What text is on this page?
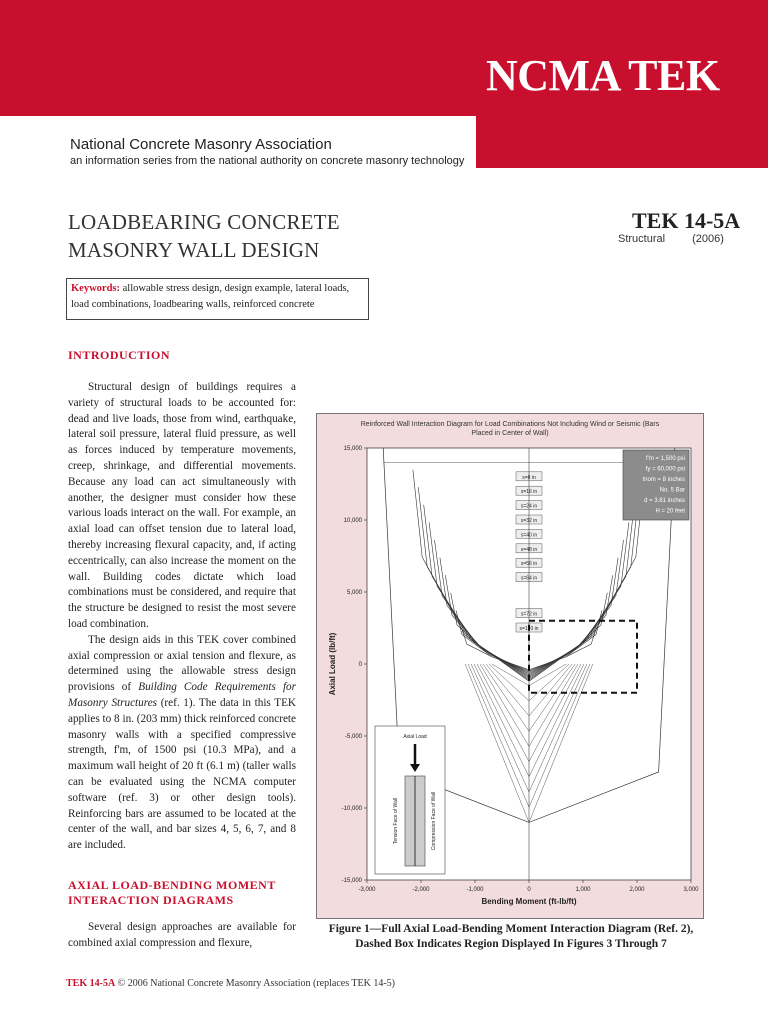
NCMA TEK
National Concrete Masonry Association
an information series from the national authority on concrete masonry technology
LOADBEARING CONCRETE
MASONRY WALL DESIGN
TEK 14-5A
Structural (2006)
Keywords: allowable stress design, design example, lateral loads, load combinations, loadbearing walls, reinforced concrete
INTRODUCTION

Structural design of buildings requires a variety of structural loads to be accounted for: dead and live loads, those from wind, earthquake, lateral soil pressure, lateral fluid pressure, as well as forces induced by temperature movements, creep, shrinkage, and differential movements. Because any load can act simultaneously with another, the designer must consider how these various loads interact on the wall. For example, an axial load can offset tension due to lateral load, thereby increasing flexural capacity, and, if acting eccentrically, can also increase the moment on the wall. Building codes dictate which load combinations must be considered, and require that the structure be designed to resist the most severe load combination.

The design aids in this TEK cover combined axial compression or axial tension and flexure, as determined using the allowable stress design provisions of Building Code Requirements for Masonry Structures (ref. 1). The data in this TEK applies to 8 in. (203 mm) thick reinforced concrete masonry walls with a specified compressive strength, f'm, of 1500 psi (10.3 MPa), and a maximum wall height of 20 ft (6.1 m) (taller walls can be evaluated using the NCMA computer software (ref. 3) or other design tools). Reinforcing bars are assumed to be located at the center of the wall, and bar sizes 4, 5, 6, 7, and 8 are included.

AXIAL LOAD-BENDING MOMENT
INTERACTION DIAGRAMS

Several design approaches are available for combined axial compression and flexure,

Reinforced Wall Interaction Diagram for Load Combinations Not Including Wind or Seismic (Bars Placed in Center of Wall)
-3,000	-2,000	-1,000	0	1,000	2,000	3,000
15,000
10,000
5,000
0
-5,000
-10,000
-15,000
Bending Moment (ft-lb/ft)
Axial Load (lb/ft)
s=8 in
s=16 in
s=24 in
s=32 in
s=40 in
s=48 in
s=56 in
s=64 in
s=72 in
s=120 in
f'm = 1,500 psi
fy = 60,000 psi
tnom = 8 inches
No. 5 Bar
d = 3.81 inches
H = 20 feet
Axial Load
Tension Face of Wall	Compression Face of Wall
Figure 1—Full Axial Load-Bending Moment Interaction Diagram (Ref. 2), Dashed Box Indicates Region Displayed In Figures 3 Through 7
TEK 14-5A © 2006 National Concrete Masonry Association (replaces TEK 14-5)
